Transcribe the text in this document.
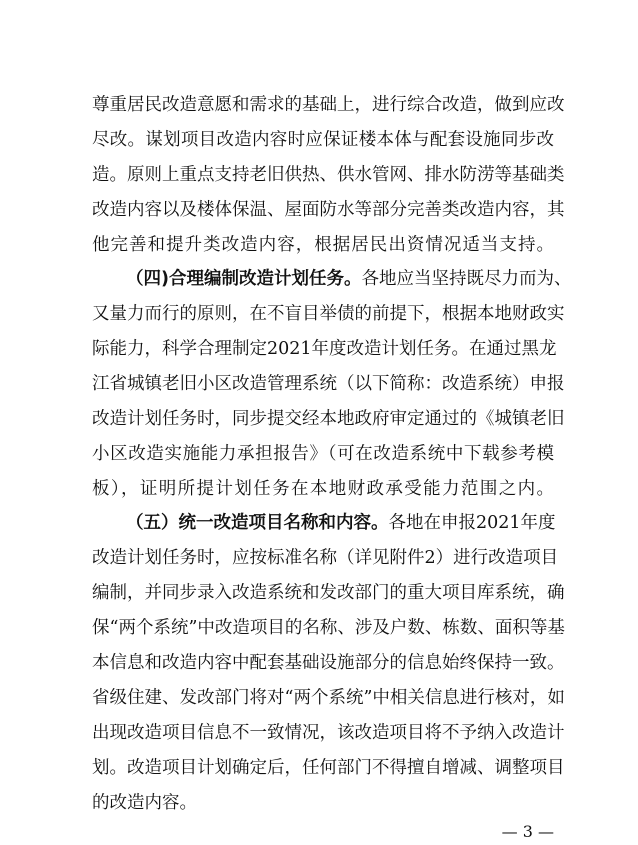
尊重居民改造意愿和需求的基础上，进行综合改造，做到应改
尽改。谋划项目改造内容时应保证楼本体与配套设施同步改
造。原则上重点支持老旧供热、供水管网、排水防涝等基础类
改造内容以及楼体保温、屋面防水等部分完善类改造内容，其
他完善和提升类改造内容，根据居民出资情况适当支持。
（四)合理编制改造计划任务。各地应当坚持既尽力而为、
又量力而行的原则，在不盲目举债的前提下，根据本地财政实
际能力，科学合理制定2021年度改造计划任务。在通过黑龙
江省城镇老旧小区改造管理系统（以下简称：改造系统）申报
改造计划任务时，同步提交经本地政府审定通过的《城镇老旧
小区改造实施能力承担报告》（可在改造系统中下载参考模
板），证明所提计划任务在本地财政承受能力范围之内。
（五）统一改造项目名称和内容。各地在申报2021年度
改造计划任务时，应按标准名称（详见附件2）进行改造项目
编制，并同步录入改造系统和发改部门的重大项目库系统，确
保“两个系统”中改造项目的名称、涉及户数、栋数、面积等基
本信息和改造内容中配套基础设施部分的信息始终保持一致。
省级住建、发改部门将对“两个系统”中相关信息进行核对，如
出现改造项目信息不一致情况，该改造项目将不予纳入改造计
划。改造项目计划确定后，任何部门不得擅自增减、调整项目
的改造内容。
— 3 —
